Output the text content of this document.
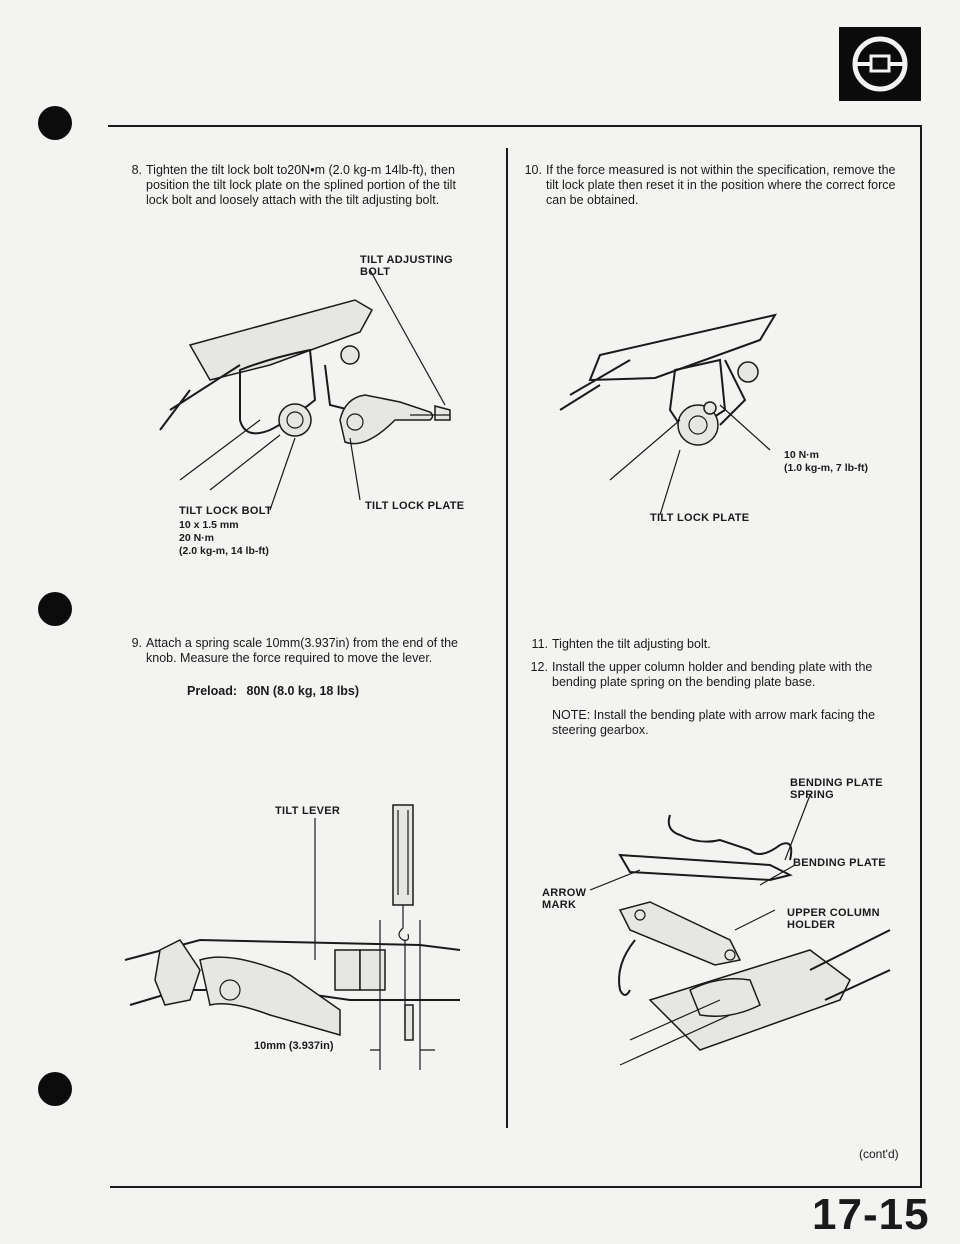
8. Tighten the tilt lock bolt to20N•m (2.0 kg-m 14lb-ft), then position the tilt lock plate on the splined portion of the tilt lock bolt and loosely attach with the tilt adjusting bolt.
TILT ADJUSTING
BOLT
TILT LOCK BOLT
10 x 1.5 mm
20 N·m
(2.0 kg-m, 14 lb-ft)
TILT LOCK PLATE
9. Attach a spring scale 10mm(3.937in) from the end of the knob. Measure the force required to move the lever.
Preload: 80N (8.0 kg, 18 lbs)
TILT LEVER
10mm (3.937in)
10. If the force measured is not within the specification, remove the tilt lock plate then reset it in the position where the correct force can be obtained.
10 N·m
(1.0 kg-m, 7 lb-ft)
TILT LOCK PLATE
11. Tighten the tilt adjusting bolt.
12. Install the upper column holder and bending plate with the bending plate spring on the bending plate base.
NOTE: Install the bending plate with arrow mark facing the steering gearbox.
BENDING PLATE
SPRING
BENDING PLATE
ARROW
MARK
UPPER COLUMN
HOLDER
(cont'd)
17-15
